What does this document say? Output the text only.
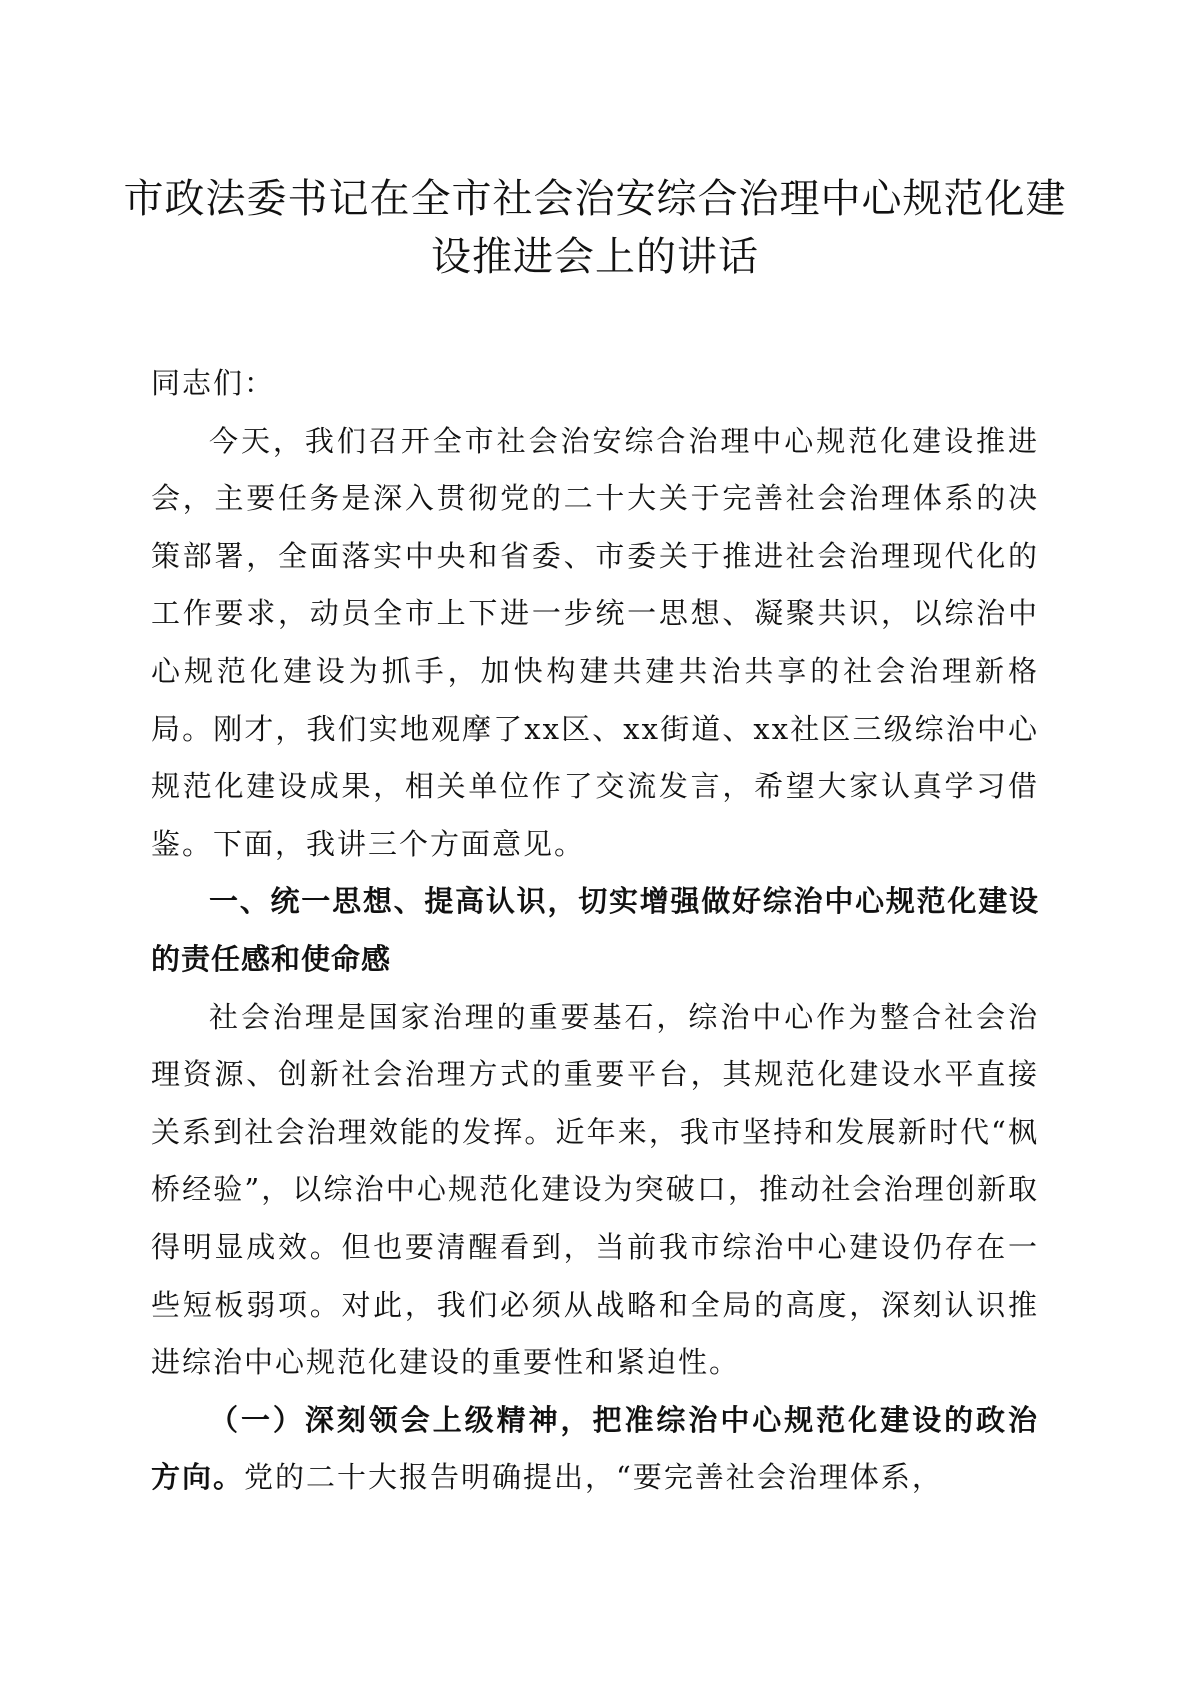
市政法委书记在全市社会治安综合治理中心规范化建设推进会上的讲话

同志们：

今天，我们召开全市社会治安综合治理中心规范化建设推进会，主要任务是深入贯彻党的二十大关于完善社会治理体系的决策部署，全面落实中央和省委、市委关于推进社会治理现代化的工作要求，动员全市上下进一步统一思想、凝聚共识，以综治中心规范化建设为抓手，加快构建共建共治共享的社会治理新格局。刚才，我们实地观摩了xx区、xx街道、xx社区三级综治中心规范化建设成果，相关单位作了交流发言，希望大家认真学习借鉴。下面，我讲三个方面意见。

一、统一思想、提高认识，切实增强做好综治中心规范化建设的责任感和使命感

社会治理是国家治理的重要基石，综治中心作为整合社会治理资源、创新社会治理方式的重要平台，其规范化建设水平直接关系到社会治理效能的发挥。近年来，我市坚持和发展新时代“枫桥经验”，以综治中心规范化建设为突破口，推动社会治理创新取得明显成效。但也要清醒看到，当前我市综治中心建设仍存在一些短板弱项。对此，我们必须从战略和全局的高度，深刻认识推进综治中心规范化建设的重要性和紧迫性。

（一）深刻领会上级精神，把准综治中心规范化建设的政治方向。党的二十大报告明确提出，“要完善社会治理体系，
